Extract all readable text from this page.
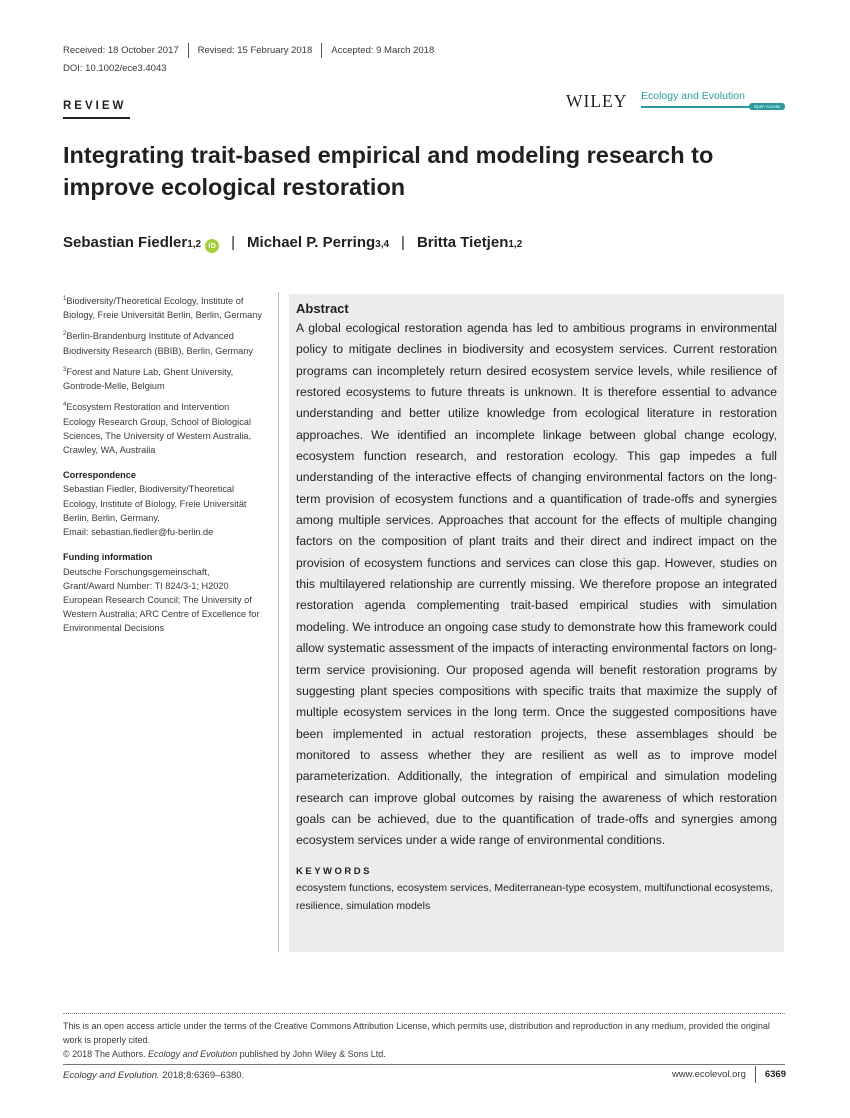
Received: 18 October 2017 Revised: 15 February 2018 Accepted: 9 March 2018
DOI: 10.1002/ece3.4043
REVIEW	WILEY Ecology and Evolution
Open Access
Integrating trait-based empirical and modeling research to improve ecological restoration
Sebastian Fiedler 1,2 iD | Michael P. Perring 3,4 | Britta Tietjen 1,2
$^1$Biodiversity/Theoretical Ecology, Institute of Biology, Freie Universität Berlin, Berlin, Germany
$^2$Berlin-Brandenburg Institute of Advanced Biodiversity Research (BBIB), Berlin, Germany
$^3$Forest and Nature Lab, Ghent University, Gontrode-Melle, Belgium
$^4$Ecosystem Restoration and Intervention Ecology Research Group, School of Biological Sciences, The University of Western Australia, Crawley, WA, Australia
Correspondence
Sebastian Fiedler, Biodiversity/Theoretical Ecology, Institute of Biology, Freie Universität Berlin, Berlin, Germany.
Email: sebastian.fiedler@fu-berlin.de
Funding information
Deutsche Forschungsgemeinschaft, Grant/Award Number: TI 824/3-1; H2020 European Research Council; The University of Western Australia; ARC Centre of Excellence for Environmental Decisions
Abstract
A global ecological restoration agenda has led to ambitious programs in environmental policy to mitigate declines in biodiversity and ecosystem services. Current restoration programs can incompletely return desired ecosystem service levels, while resilience of restored ecosystems to future threats is unknown. It is therefore essential to advance understanding and better utilize knowledge from ecological literature in restoration approaches. We identified an incomplete linkage between global change ecology, ecosystem function research, and restoration ecology. This gap impedes a full understanding of the interactive effects of changing environmental factors on the long-term provision of ecosystem functions and a quantification of trade-offs and synergies among multiple services. Approaches that account for the effects of multiple changing factors on the composition of plant traits and their direct and indirect impact on the provision of ecosystem functions and services can close this gap. However, studies on this multilayered relationship are currently missing. We therefore propose an integrated restoration agenda complementing trait-based empirical studies with simulation modeling. We introduce an ongoing case study to demonstrate how this framework could allow systematic assessment of the impacts of interacting environmental factors on long-term service provisioning. Our proposed agenda will benefit restoration programs by suggesting plant species compositions with specific traits that maximize the supply of multiple ecosystem services in the long term. Once the suggested compositions have been implemented in actual restoration projects, these assemblages should be monitored to assess whether they are resilient as well as to improve model parameterization. Additionally, the integration of empirical and simulation modeling research can improve global outcomes by raising the awareness of which restoration goals can be achieved, due to the quantification of trade-offs and synergies among ecosystem services under a wide range of environmental conditions.
KEYWORDS
ecosystem functions, ecosystem services, Mediterranean-type ecosystem, multifunctional ecosystems, resilience, simulation models
This is an open access article under the terms of the Creative Commons Attribution License, which permits use, distribution and reproduction in any medium, provided the original work is properly cited.
© 2018 The Authors. Ecology and Evolution published by John Wiley & Sons Ltd.
Ecology and Evolution. 2018;8:6369–6380.	www.ecolevol.org 6369
